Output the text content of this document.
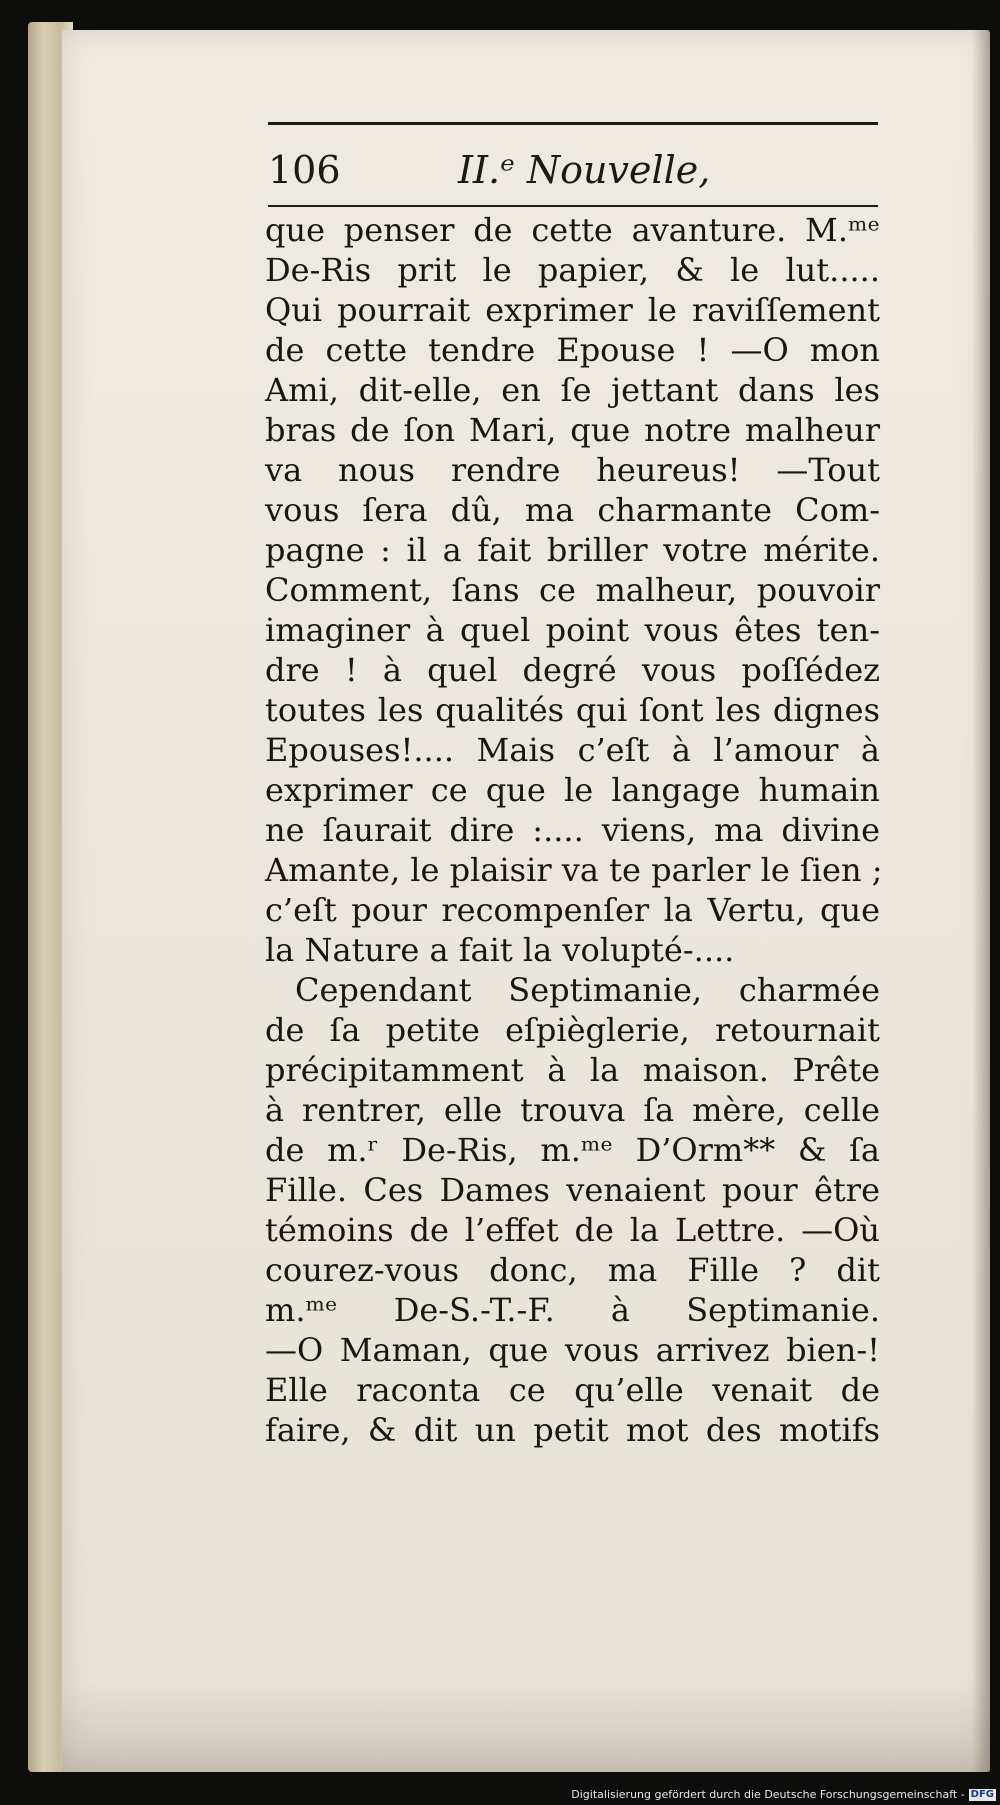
106	II.ᵉ Nouvelle,
que penser de cette avanture. M.ᵐᵉ
De-Ris prit le papier, & le lut.....
Qui pourrait exprimer le raviſſement
de cette tendre Epouse ! —O mon
Ami, dit-elle, en ſe jettant dans les
bras de ſon Mari, que notre malheur
va nous rendre heureus! —Tout
vous ſera dû, ma charmante Com-
pagne : il a fait briller votre mérite.
Comment, ſans ce malheur, pouvoir
imaginer à quel point vous êtes ten-
dre ! à quel degré vous poſſédez
toutes les qualités qui ſont les dignes
Epouses!.... Mais c’eſt à l’amour à
exprimer ce que le langage humain
ne ſaurait dire :.... viens, ma divine
Amante, le plaisir va te parler le ſien ;
c’eſt pour recompenſer la Vertu, que
la Nature a fait la volupté-....
Cependant Septimanie, charmée
de ſa petite eſpièglerie, retournait
précipitamment à la maison. Prête
à rentrer, elle trouva ſa mère, celle
de m.ʳ De-Ris, m.ᵐᵉ D’Orm** & ſa
Fille. Ces Dames venaient pour être
témoins de l’effet de la Lettre. —Où
courez-vous donc, ma Fille ? dit
m.ᵐᵉ De-S.-T.-F. à Septimanie.
—O Maman, que vous arrivez bien-!
Elle raconta ce qu’elle venait de
faire, & dit un petit mot des motifs
Digitalisierung gefördert durch die Deutsche Forschungsgemeinschaft - DFG
